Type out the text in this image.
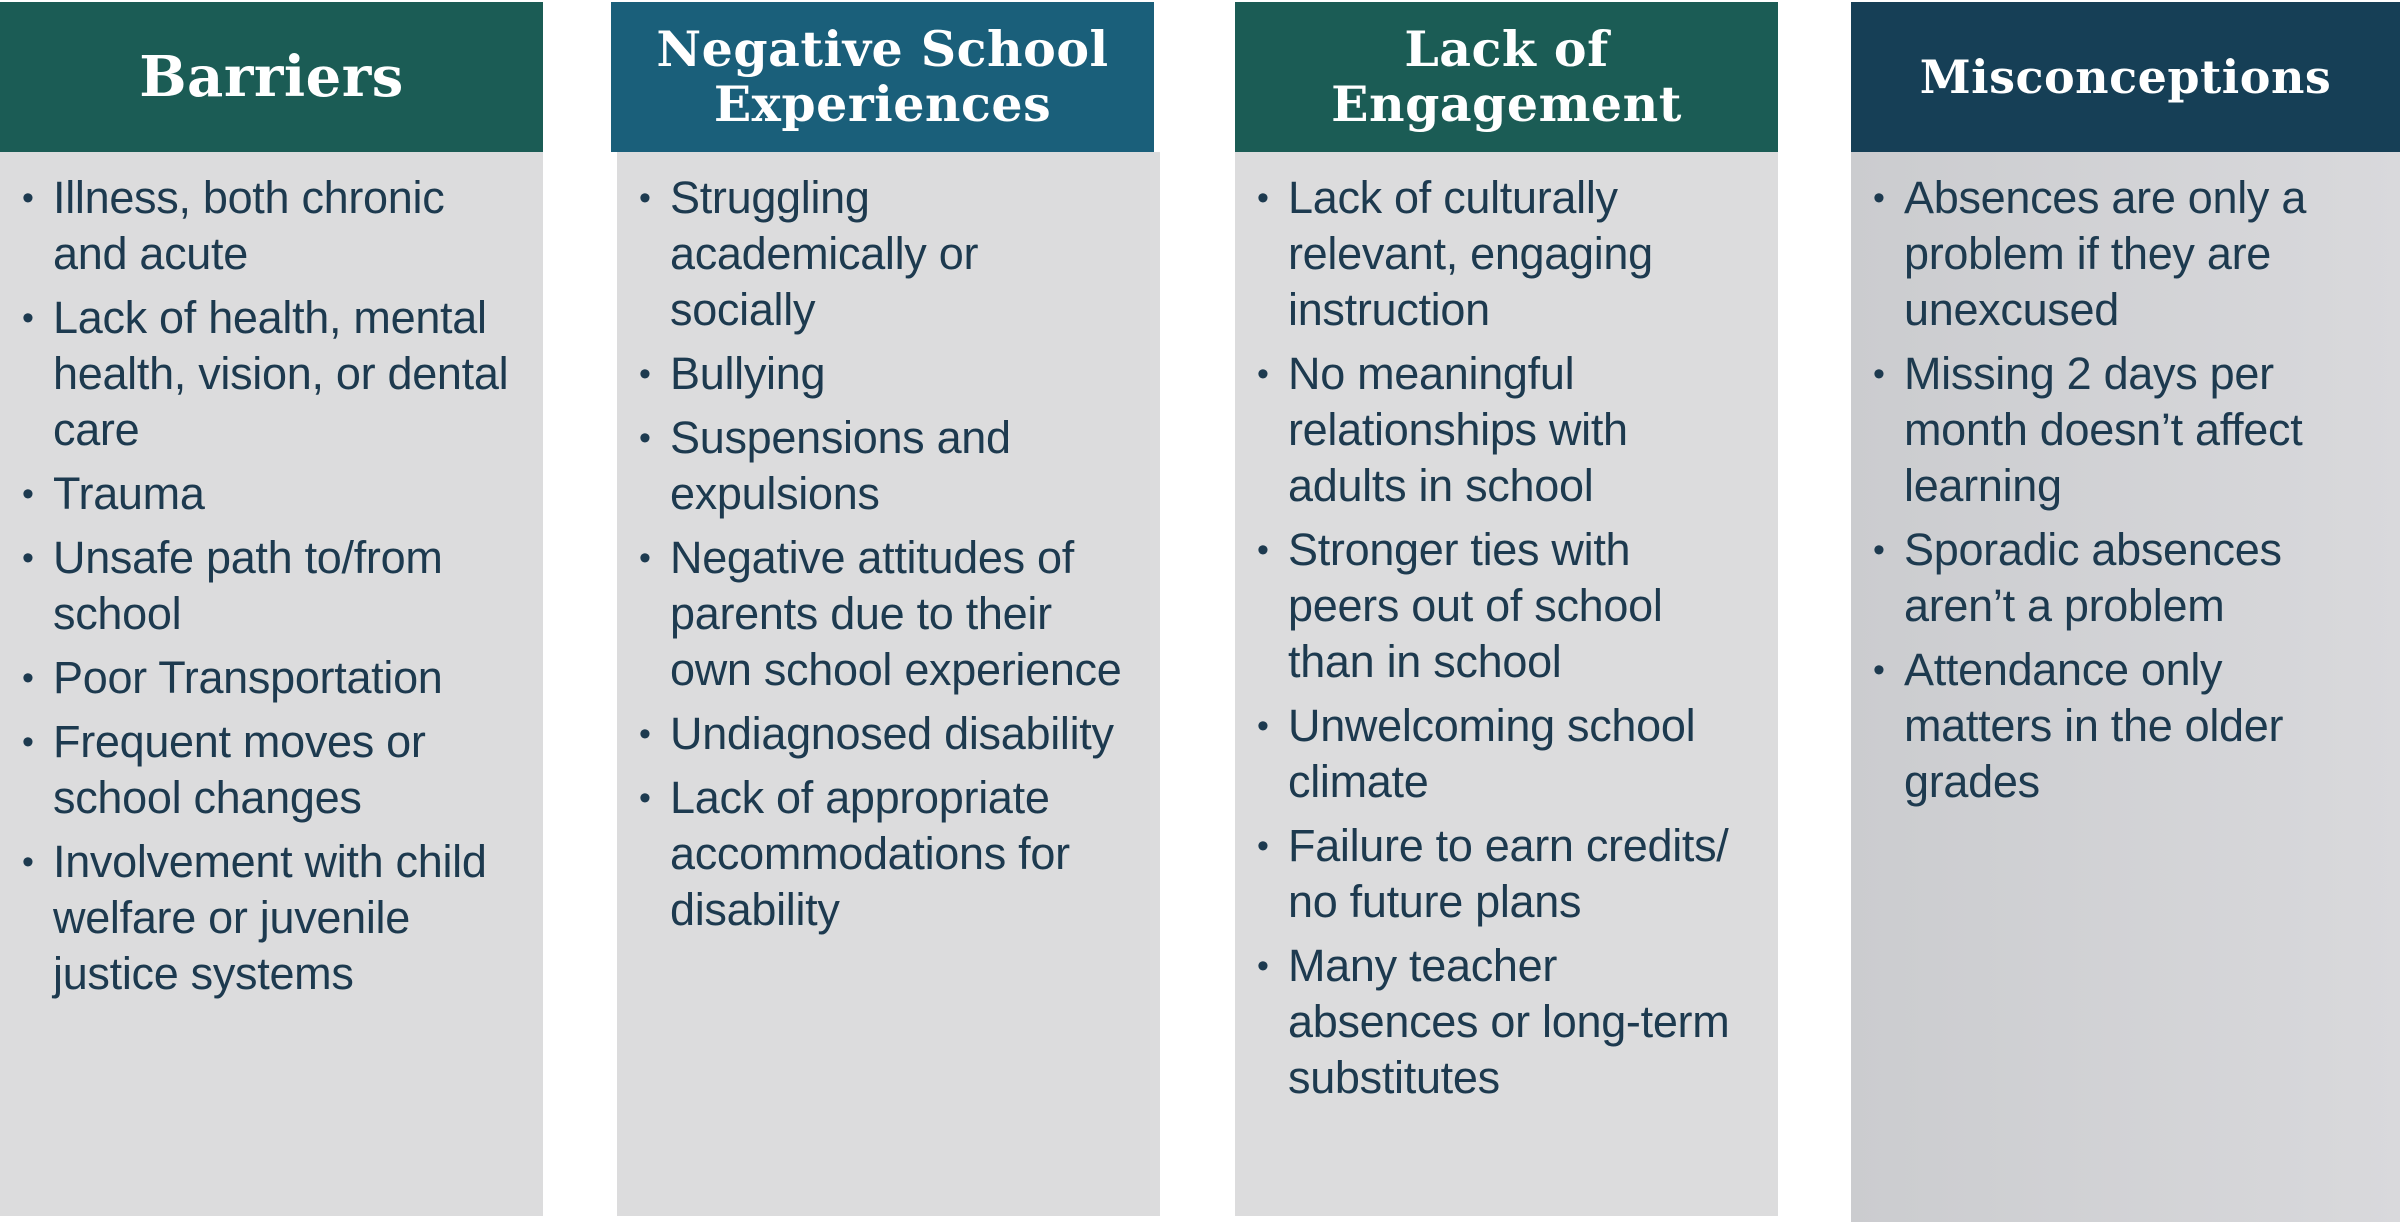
Barriers
• Illness, both chronic and acute
• Lack of health, mental health, vision, or dental care
• Trauma
• Unsafe path to/from school
• Poor Transportation
• Frequent moves or school changes
• Involvement with child welfare or juvenile justice systems
Negative School
Experiences
• Struggling academically or socially
• Bullying
• Suspensions and expulsions
• Negative attitudes of parents due to their own school experience
• Undiagnosed disability
• Lack of appropriate accommodations for disability
Lack of
Engagement
• Lack of culturally relevant, engaging instruction
• No meaningful relationships with adults in school
• Stronger ties with peers out of school than in school
• Unwelcoming school climate
• Failure to earn credits/ no future plans
• Many teacher absences or long-term substitutes
Misconceptions
• Absences are only a problem if they are unexcused
• Missing 2 days per month doesn’t affect learning
• Sporadic absences aren’t a problem
• Attendance only matters in the older grades
